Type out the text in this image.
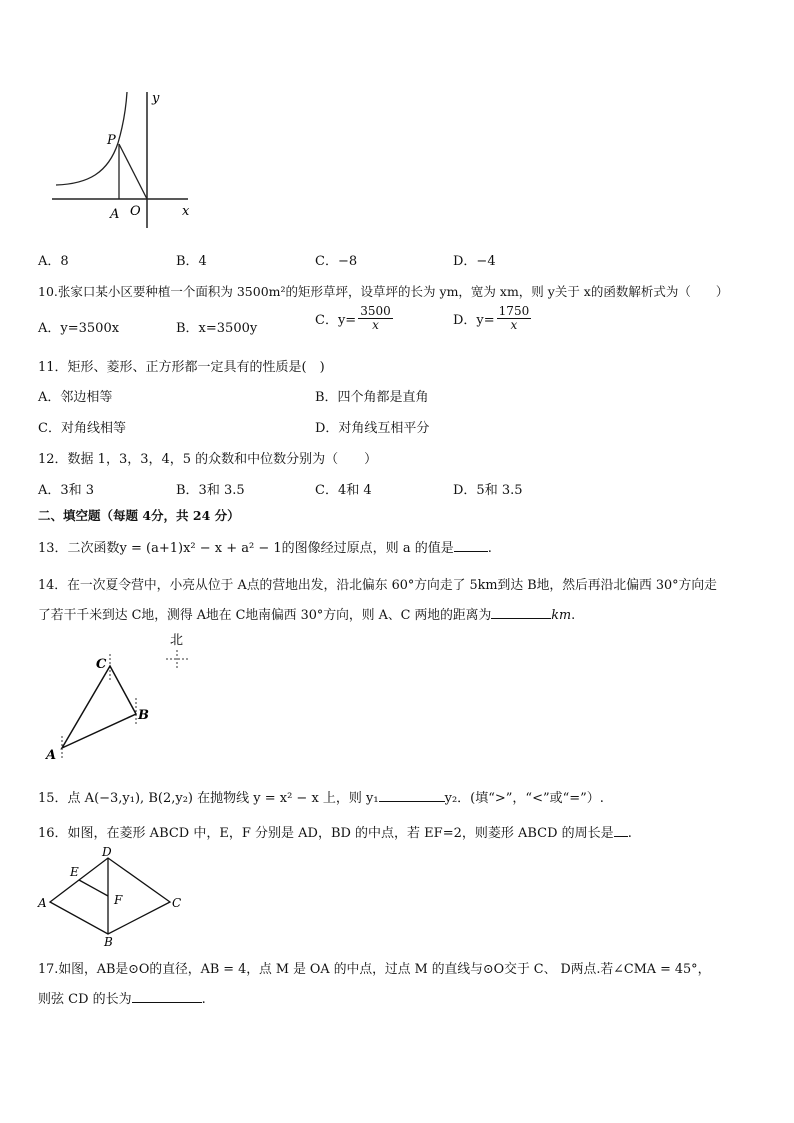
y
P
A O	x
A．8	B．4	C．−8	D．−4
10.张家口某小区要种植一个面积为 3500m²的矩形草坪，设草坪的长为 ym，宽为 xm，则 y关于 x的函数解析式为（　　）
A．y=3500x	B．x=3500y
C．$y= \frac{3500}{x}$	D．$y= \frac{1750}{x}$
11．矩形、菱形、正方形都一定具有的性质是(　)
A．邻边相等	B．四个角都是直角
C．对角线相等	D．对角线互相平分
12．数据 1，3，3，4，5 的众数和中位数分别为（　　）
A．3和 3	B．3和 3.5	C．4和 4	D．5和 3.5
二、填空题（每题 4分，共 24 分）
13．二次函数y = (a+1)x² − x + a² − 1的图像经过原点，则 a 的值是	.
14．在一次夏令营中，小亮从位于 A点的营地出发，沿北偏东 60°方向走了 5km到达 B地，然后再沿北偏西 30°方向走
了若干千米到达 C地，测得 A地在 C地南偏西 30°方向，则 A、C 两地的距离为	km.
北
C
B
A
15．点 A(−3,y₁), B(2,y₂) 在抛物线 y = x² − x 上，则 y₁	y₂．(填“>”，“<”或“=”）.
16．如图，在菱形 ABCD 中，E，F 分别是 AD，BD 的中点，若 EF=2，则菱形 ABCD 的周长是 .
D
E
A	F	C
B
17.如图，AB是⊙O的直径，AB = 4，点 M 是 OA 的中点，过点 M 的直线与⊙O交于 C、 D两点.若∠CMA = 45°，
则弦 CD 的长为	.
